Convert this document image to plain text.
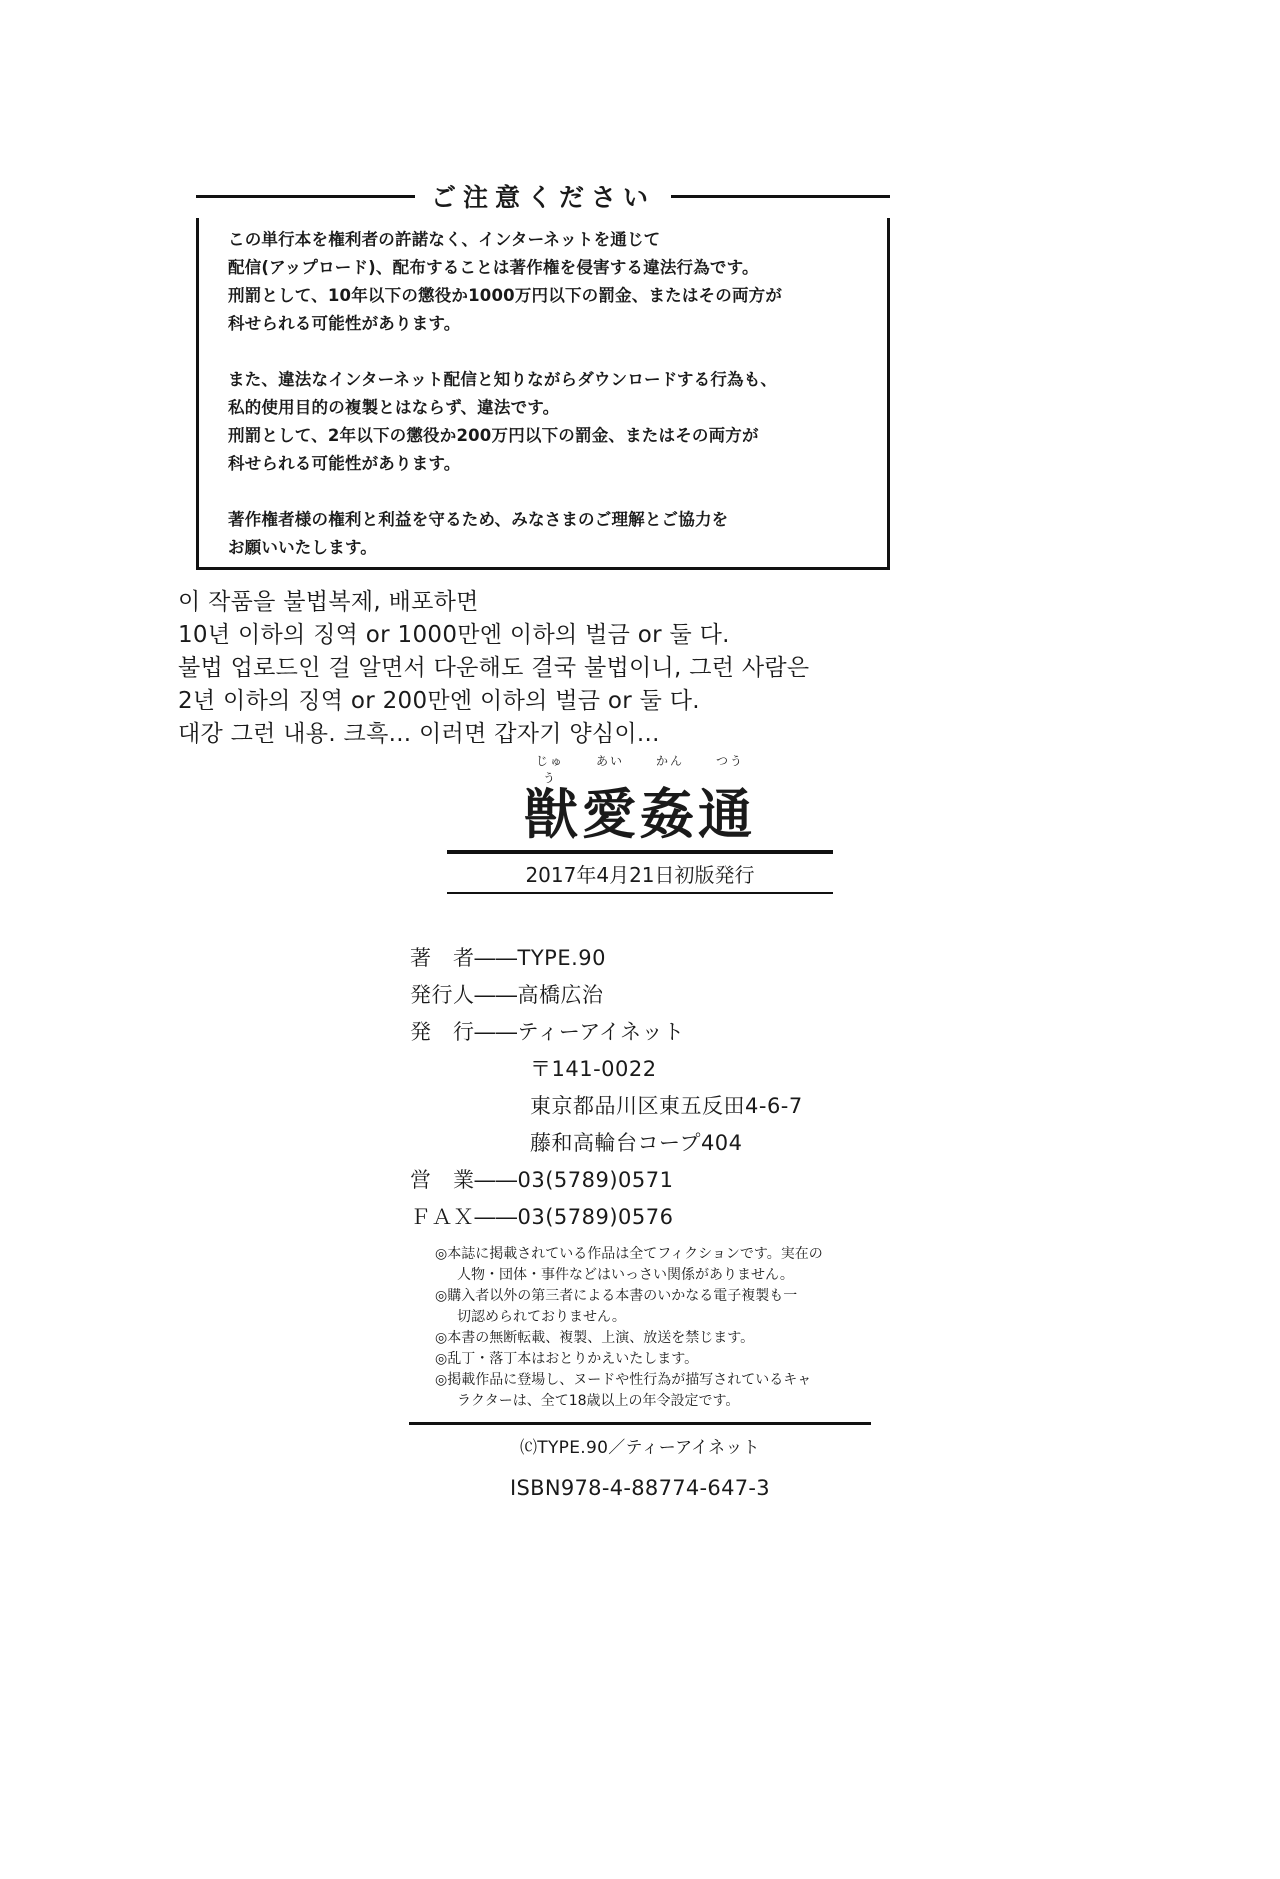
ご注意ください

この単行本を権利者の許諾なく、インターネットを通じて

配信(アップロード)、配布することは著作権を侵害する違法行為です。

刑罰として、10年以下の懲役か1000万円以下の罰金、またはその両方が

科せられる可能性があります。

また、違法なインターネット配信と知りながらダウンロードする行為も、

私的使用目的の複製とはならず、違法です。

刑罰として、2年以下の懲役か200万円以下の罰金、またはその両方が

科せられる可能性があります。

著作権者様の権利と利益を守るため、みなさまのご理解とご協力を

お願いいたします。

이 작품을 불법복제, 배포하면

10년 이하의 징역 or 1000만엔 이하의 벌금 or 둘 다.

불법 업로드인 걸 알면서 다운해도 결국 불법이니, 그런 사람은

2년 이하의 징역 or 200만엔 이하의 벌금 or 둘 다.

대강 그런 내용. 크흑... 이러면 갑자기 양심이...

じゅう
あい	かん	つう
獣愛姦通
2017年4月21日初版発行
著　者――TYPE.90
発行人――高橋広治
発　行――ティーアイネット
〒141-0022
東京都品川区東五反田4-6-7
藤和高輪台コープ404
営　業――03(5789)0571
ＦＡＸ――03(5789)0576
◎本誌に掲載されている作品は全てフィクションです。実在の
人物・団体・事件などはいっさい関係がありません。
◎購入者以外の第三者による本書のいかなる電子複製も一
切認められておりません。
◎本書の無断転載、複製、上演、放送を禁じます。
◎乱丁・落丁本はおとりかえいたします。
◎掲載作品に登場し、ヌードや性行為が描写されているキャ
ラクターは、全て18歳以上の年令設定です。
⒞TYPE.90／ティーアイネット
ISBN978-4-88774-647-3
